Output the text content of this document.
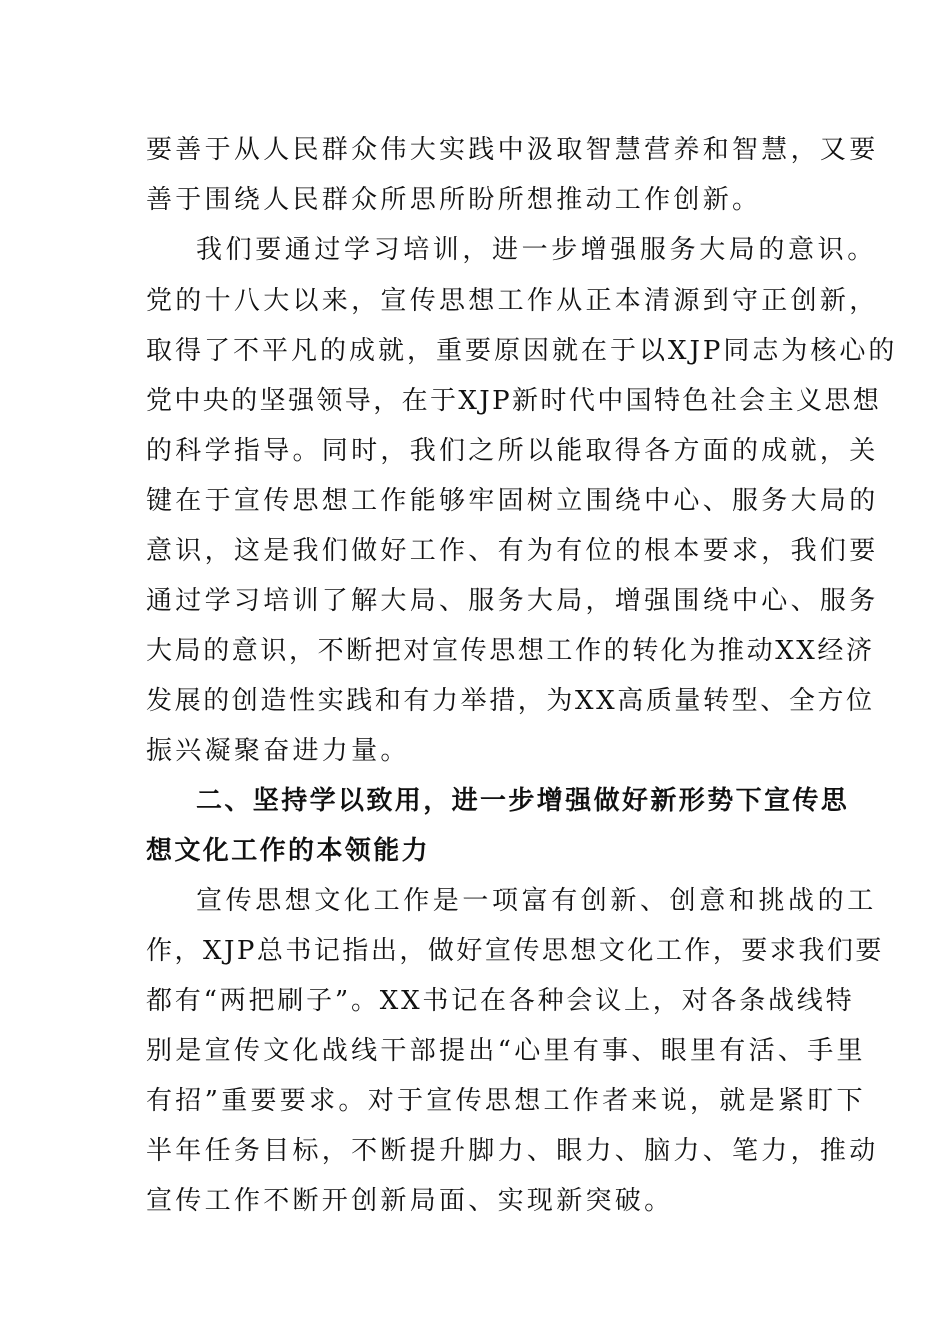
要善于从人民群众伟大实践中汲取智慧营养和智慧，又要
善于围绕人民群众所思所盼所想推动工作创新。
我们要通过学习培训，进一步增强服务大局的意识。
党的十八大以来，宣传思想工作从正本清源到守正创新，
取得了不平凡的成就，重要原因就在于以XJP同志为核心的
党中央的坚强领导，在于XJP新时代中国特色社会主义思想
的科学指导。同时，我们之所以能取得各方面的成就，关
键在于宣传思想工作能够牢固树立围绕中心、服务大局的
意识，这是我们做好工作、有为有位的根本要求，我们要
通过学习培训了解大局、服务大局，增强围绕中心、服务
大局的意识，不断把对宣传思想工作的转化为推动XX经济
发展的创造性实践和有力举措，为XX高质量转型、全方位
振兴凝聚奋进力量。
二、坚持学以致用，进一步增强做好新形势下宣传思
想文化工作的本领能力
宣传思想文化工作是一项富有创新、创意和挑战的工
作，XJP总书记指出，做好宣传思想文化工作，要求我们要
都有“两把刷子”。XX书记在各种会议上，对各条战线特
别是宣传文化战线干部提出“心里有事、眼里有活、手里
有招”重要要求。对于宣传思想工作者来说，就是紧盯下
半年任务目标，不断提升脚力、眼力、脑力、笔力，推动
宣传工作不断开创新局面、实现新突破。
